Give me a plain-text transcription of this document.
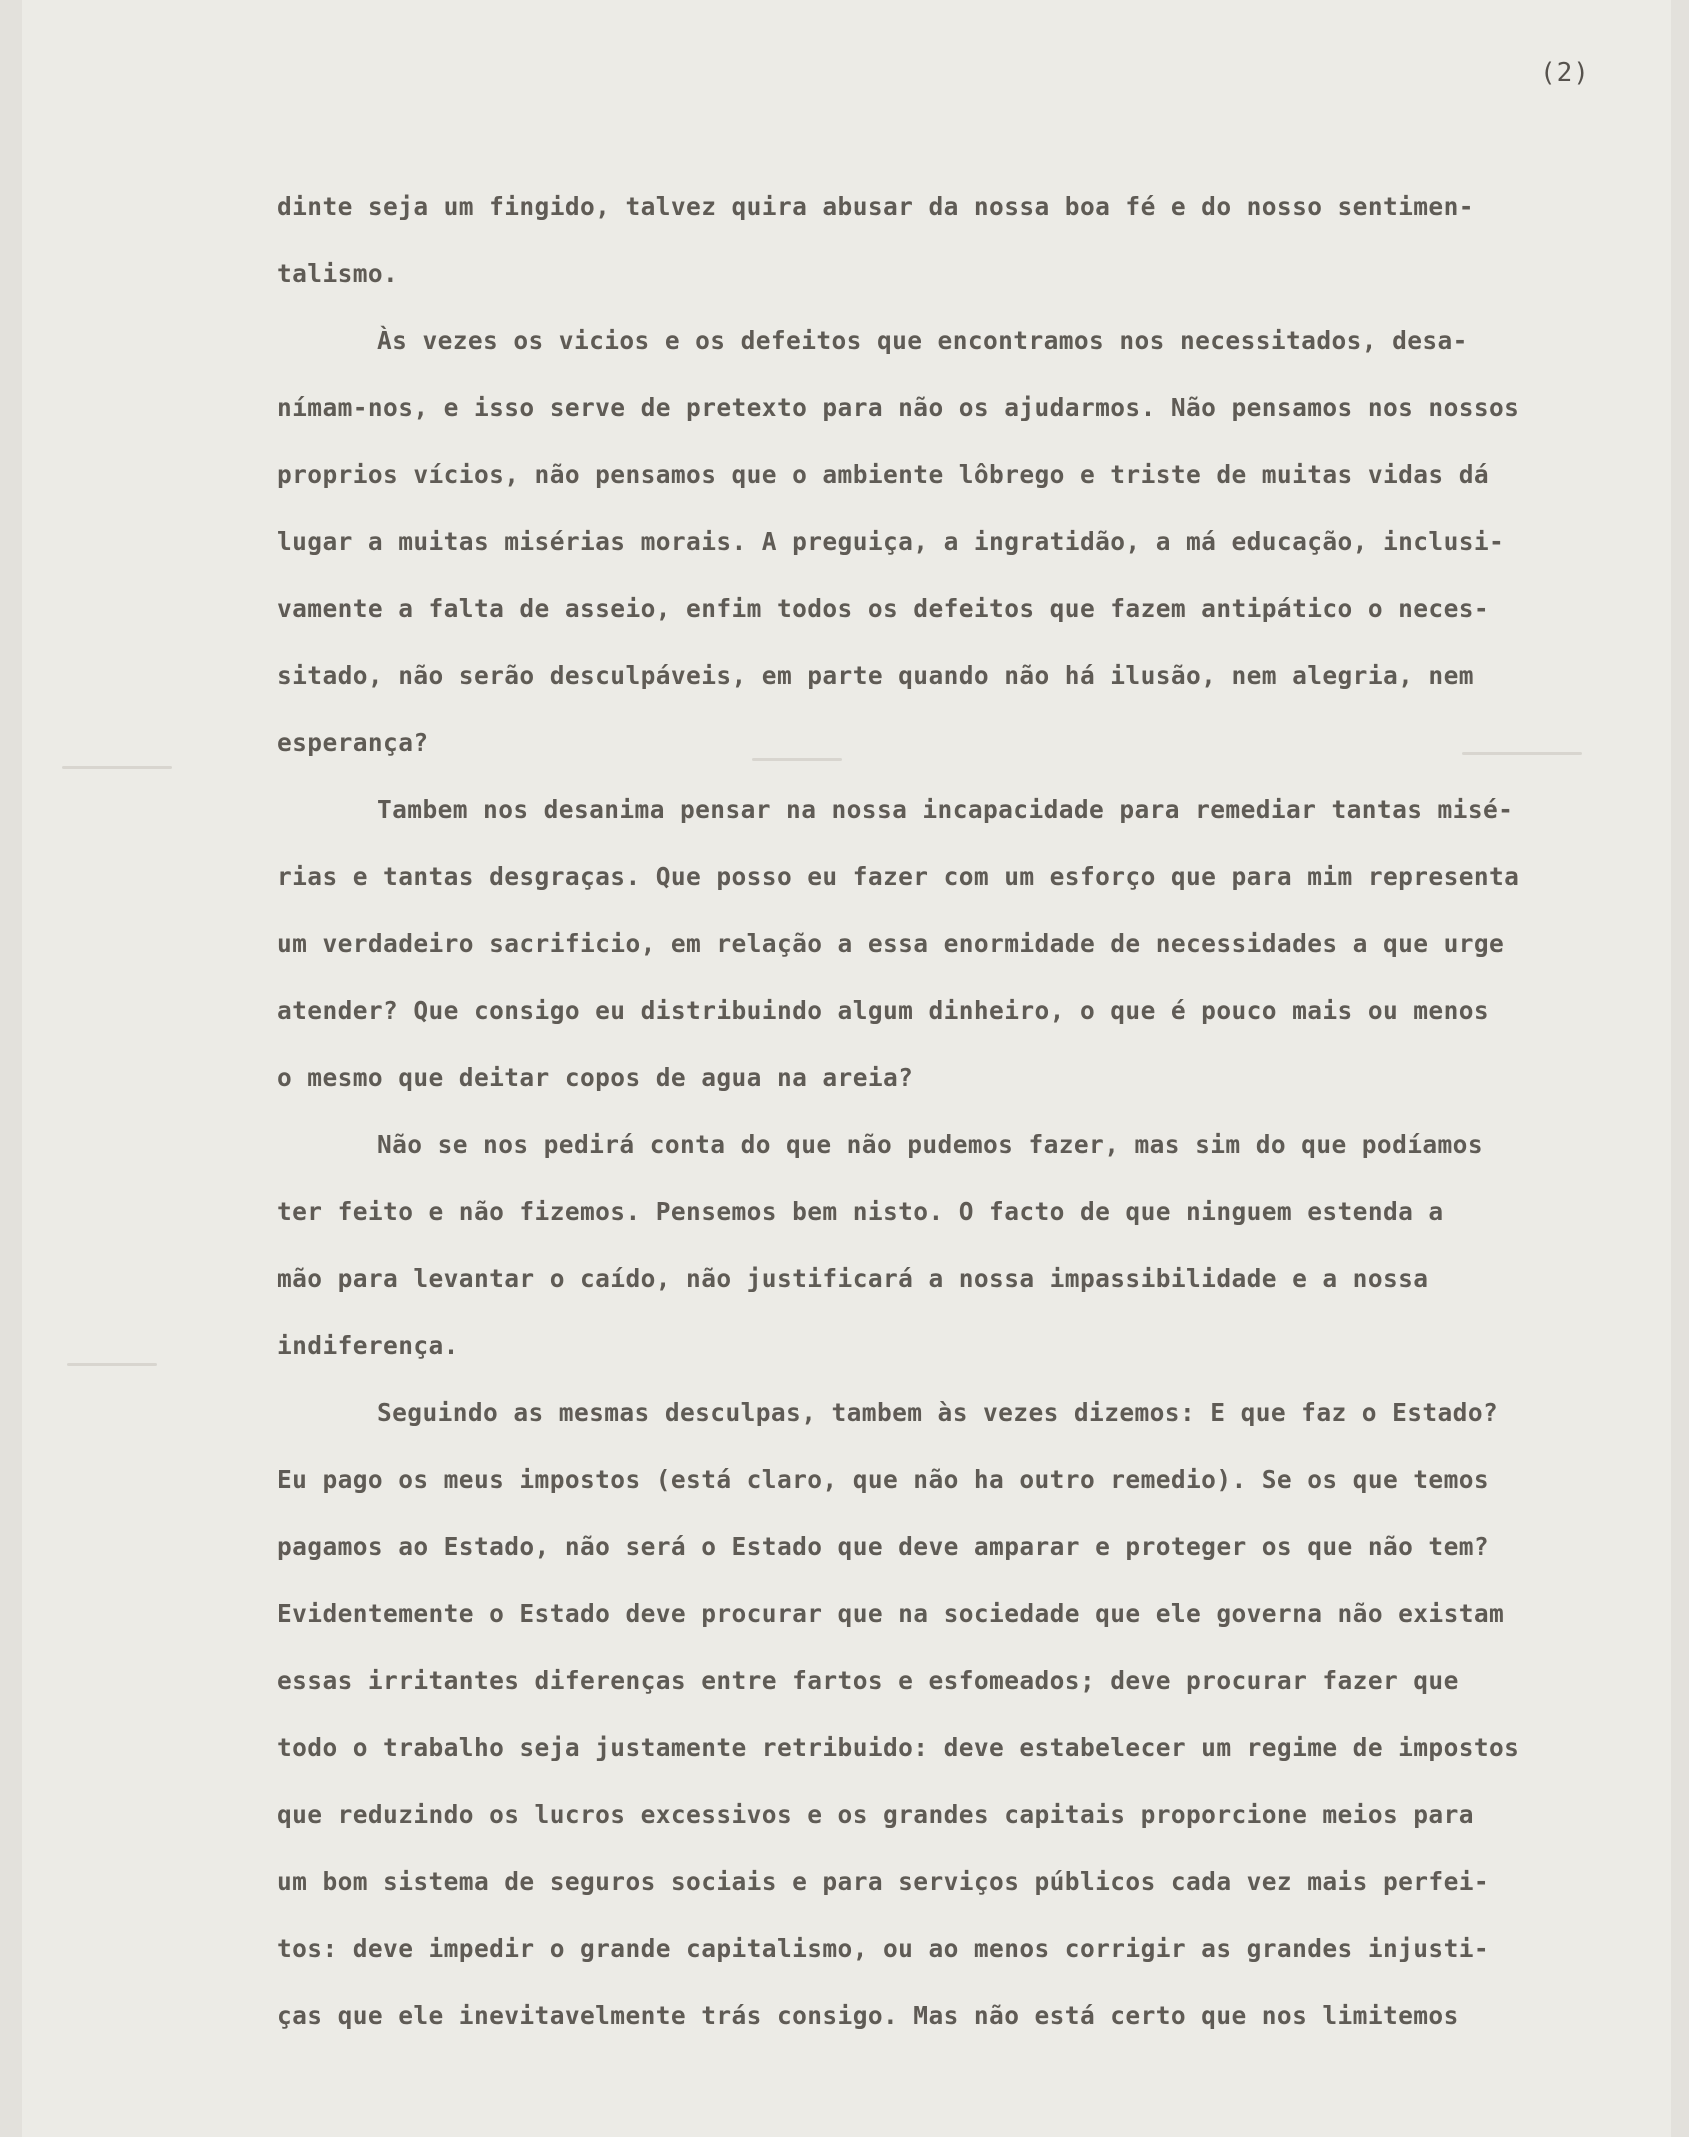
(2)
dinte seja um fingido, talvez quira abusar da nossa boa fé e do nosso sentimen-
talismo.
Às vezes os vicios e os defeitos que encontramos nos necessitados, desa-
nímam-nos, e isso serve de pretexto para não os ajudarmos. Não pensamos nos nossos
proprios vícios, não pensamos que o ambiente lôbrego e triste de muitas vidas dá
lugar a muitas misérias morais. A preguiça, a ingratidão, a má educação, inclusi-
vamente a falta de asseio, enfim todos os defeitos que fazem antipático o neces-
sitado, não serão desculpáveis, em parte quando não há ilusão, nem alegria, nem
esperança?
Tambem nos desanima pensar na nossa incapacidade para remediar tantas misé-
rias e tantas desgraças. Que posso eu fazer com um esforço que para mim representa
um verdadeiro sacrificio, em relação a essa enormidade de necessidades a que urge
atender? Que consigo eu distribuindo algum dinheiro, o que é pouco mais ou menos
o mesmo que deitar copos de agua na areia?
Não se nos pedirá conta do que não pudemos fazer, mas sim do que podíamos
ter feito e não fizemos. Pensemos bem nisto. O facto de que ninguem estenda a
mão para levantar o caído, não justificará a nossa impassibilidade e a nossa
indiferença.
Seguindo as mesmas desculpas, tambem às vezes dizemos: E que faz o Estado?
Eu pago os meus impostos (está claro, que não ha outro remedio). Se os que temos
pagamos ao Estado, não será o Estado que deve amparar e proteger os que não tem?
Evidentemente o Estado deve procurar que na sociedade que ele governa não existam
essas irritantes diferenças entre fartos e esfomeados; deve procurar fazer que
todo o trabalho seja justamente retribuido: deve estabelecer um regime de impostos
que reduzindo os lucros excessivos e os grandes capitais proporcione meios para
um bom sistema de seguros sociais e para serviços públicos cada vez mais perfei-
tos: deve impedir o grande capitalismo, ou ao menos corrigir as grandes injusti-
ças que ele inevitavelmente trás consigo. Mas não está certo que nos limitemos
